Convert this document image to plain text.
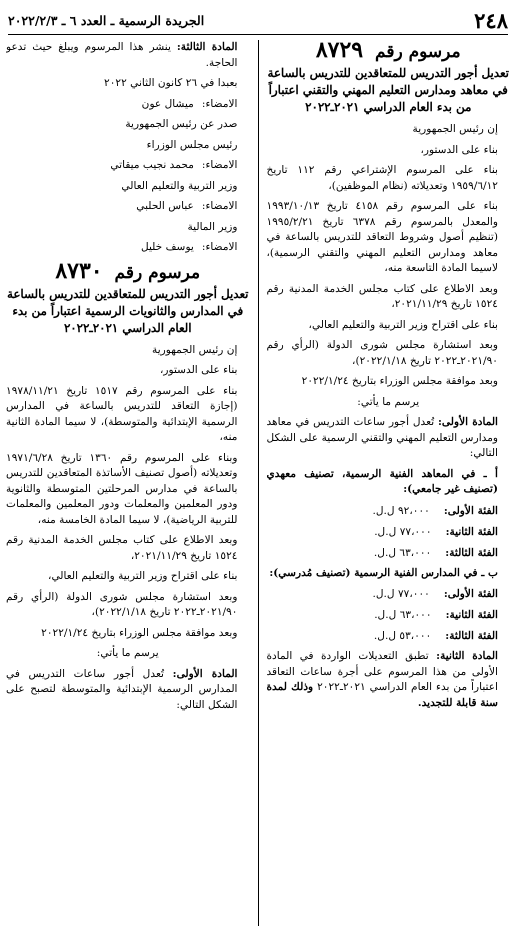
٢٤٨
الجريدة الرسمية ـ العدد ٦ ـ ٢٠٢٢/٢/٣
مرسوم رقم ٨٧٢٩
تعديل أجور التدريس للمتعاقدين للتدريس بالساعة في معاهد ومدارس التعليم المهني والتقني اعتباراً من بدء العام الدراسي ٢٠٢١ـ٢٠٢٢

إن رئيس الجمهورية

بناء على الدستور،

بناء على المرسوم الإشتراعي رقم ١١٢ تاريخ ١٩٥٩/٦/١٢ وتعديلاته (نظام الموظفين)،

بناء على المرسوم رقم ٤١٥٨ تاريخ ١٩٩٣/١٠/١٣ والمعدل بالمرسوم رقم ٦٣٧٨ تاريخ ١٩٩٥/٢/٢١ (تنظيم أصول وشروط التعاقد للتدريس بالساعة في معاهد ومدارس التعليم المهني والتقني الرسمية)، لاسيما المادة التاسعة منه،

وبعد الاطلاع على كتاب مجلس الخدمة المدنية رقم ١٥٢٤ تاريخ ٢٠٢١/١١/٢٩،

بناء على اقتراح وزير التربية والتعليم العالي،

وبعد استشارة مجلس شورى الدولة (الرأي رقم ٢٠٢١/٩٠ـ٢٠٢٢ تاريخ ٢٠٢٢/١/١٨)،

وبعد موافقة مجلس الوزراء بتاريخ ٢٠٢٢/١/٢٤

يرسم ما يأتي:

المادة الأولى: تُعدل أجور ساعات التدريس في معاهد ومدارس التعليم المهني والتقني الرسمية على الشكل التالي:

أ ـ في المعاهد الفنية الرسمية، تصنيف معهدي (تصنيف غير جامعي):

الفئة الأولى:
٩٢،٠٠٠ ل.ل.
الفئة الثانية:
٧٧،٠٠٠ ل.ل.
الفئة الثالثة:
٦٣،٠٠٠ ل.ل.

ب ـ في المدارس الفنية الرسمية (تصنيف مُدرسي):

الفئة الأولى:
٧٧،٠٠٠ ل.ل.
الفئة الثانية:
٦٣،٠٠٠ ل.ل.
الفئة الثالثة:
٥٣،٠٠٠ ل.ل.

المادة الثانية: تطبق التعديلات الواردة في المادة الأولى من هذا المرسوم على أجرة ساعات التعاقد اعتباراً من بدء العام الدراسي ٢٠٢١ـ٢٠٢٢ وذلك لمدة سنة قابلة للتجديد.

المادة الثالثة: ينشر هذا المرسوم ويبلغ حيث تدعو الحاجة.

بعبدا في ٢٦ كانون الثاني ٢٠٢٢

الامضاء:
ميشال عون

صدر عن رئيس الجمهورية

رئيس مجلس الوزراء

الامضاء:
محمد نجيب ميقاتي

وزير التربية والتعليم العالي

الامضاء:
عباس الحلبي

وزير المالية

الامضاء:
يوسف خليل

مرسوم رقم ٨٧٣٠
تعديل أجور التدريس للمتعاقدين للتدريس بالساعة في المدارس والثانويات الرسمية اعتباراً من بدء العام الدراسي ٢٠٢١ـ٢٠٢٢

إن رئيس الجمهورية

بناء على الدستور،

بناء على المرسوم رقم ١٥١٧ تاريخ ١٩٧٨/١١/٢١ (إجازة التعاقد للتدريس بالساعة في المدارس الرسمية الإبتدائية والمتوسطة)، لا سيما المادة الثانية منه،

وبناء على المرسوم رقم ١٣٦٠ تاريخ ١٩٧١/٦/٢٨ وتعديلاته (أصول تصنيف الأساتذة المتعاقدين للتدريس بالساعة في مدارس المرحلتين المتوسطة والثانوية ودور المعلمين والمعلمات ودور المعلمين والمعلمات للتربية الرياضية)، لا سيما المادة الخامسة منه،

وبعد الاطلاع على كتاب مجلس الخدمة المدنية رقم ١٥٢٤ تاريخ ٢٠٢١/١١/٢٩،

بناء على اقتراح وزير التربية والتعليم العالي،

وبعد استشارة مجلس شورى الدولة (الرأي رقم ٢٠٢١/٩٠ـ٢٠٢٢ تاريخ ٢٠٢٢/١/١٨)،

وبعد موافقة مجلس الوزراء بتاريخ ٢٠٢٢/١/٢٤

يرسم ما يأتي:

المادة الأولى: تُعدل أجور ساعات التدريس في المدارس الرسمية الإبتدائية والمتوسطة لتصبح على الشكل التالي:
